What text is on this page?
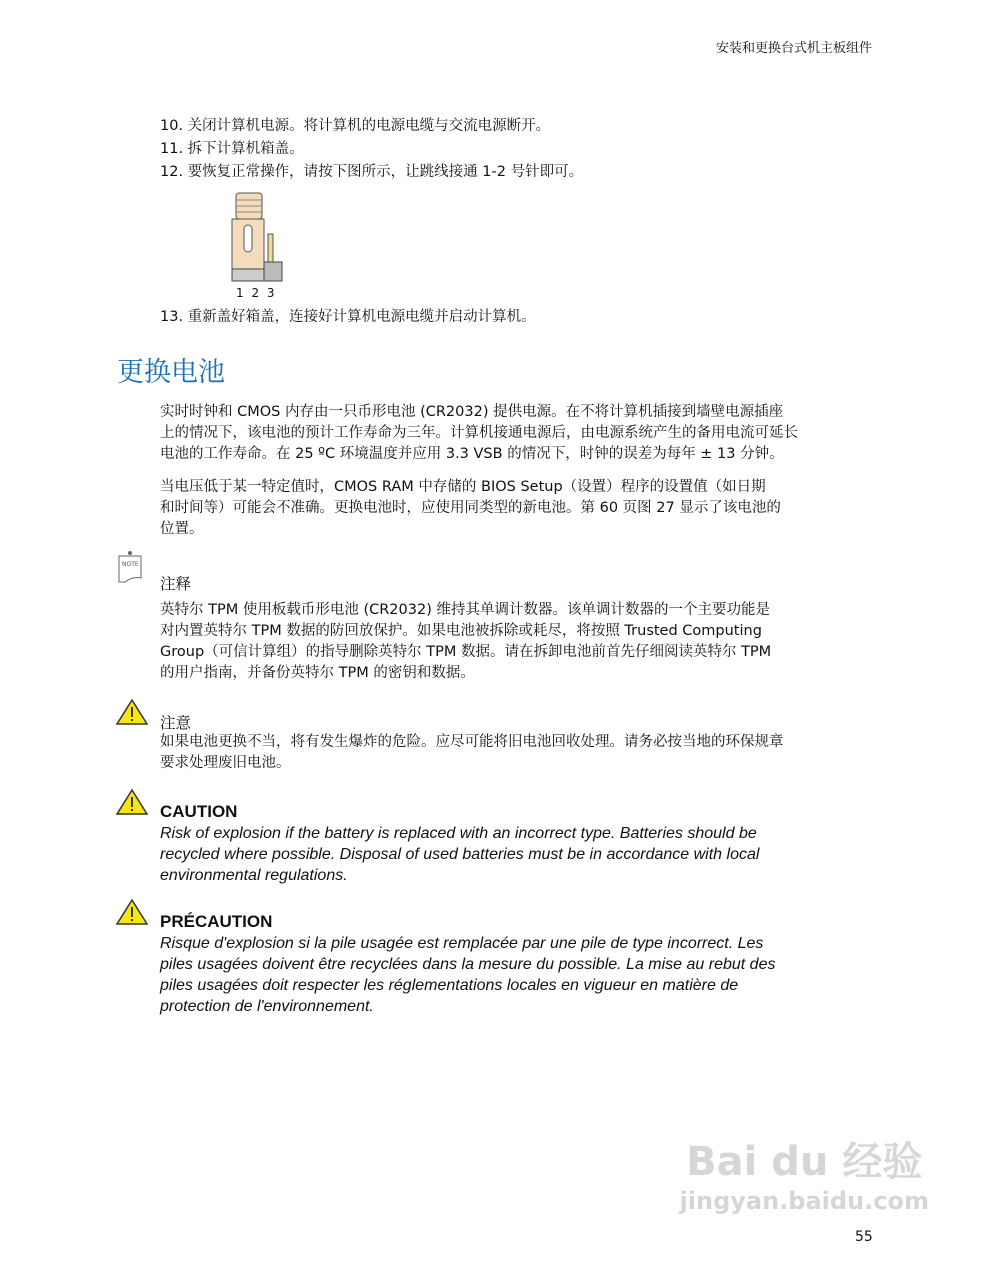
安装和更换台式机主板组件
10. 关闭计算机电源。将计算机的电源电缆与交流电源断开。
11. 拆下计算机箱盖。
12. 要恢复正常操作，请按下图所示，让跳线接通 1-2 号针即可。
1 2 3
13. 重新盖好箱盖，连接好计算机电源电缆并启动计算机。
更换电池
实时时钟和 CMOS 内存由一只币形电池 (CR2032) 提供电源。在不将计算机插接到墙壁电源插座
上的情况下，该电池的预计工作寿命为三年。计算机接通电源后，由电源系统产生的备用电流可延长
电池的工作寿命。在 25 ºC 环境温度并应用 3.3 VSB 的情况下，时钟的误差为每年 ± 13 分钟。
当电压低于某一特定值时，CMOS RAM 中存储的 BIOS Setup（设置）程序的设置值（如日期
和时间等）可能会不准确。更换电池时，应使用同类型的新电池。第 60 页图 27 显示了该电池的
位置。
NOTE
注释
英特尔 TPM 使用板载币形电池 (CR2032) 维持其单调计数器。该单调计数器的一个主要功能是
对内置英特尔 TPM 数据的防回放保护。如果电池被拆除或耗尽，将按照 Trusted Computing
Group（可信计算组）的指导删除英特尔 TPM 数据。请在拆卸电池前首先仔细阅读英特尔 TPM
的用户指南，并备份英特尔 TPM 的密钥和数据。
注意
如果电池更换不当，将有发生爆炸的危险。应尽可能将旧电池回收处理。请务必按当地的环保规章
要求处理废旧电池。
CAUTION
Risk of explosion if the battery is replaced with an incorrect type. Batteries should be
recycled where possible. Disposal of used batteries must be in accordance with local
environmental regulations.
PRÉCAUTION
Risque d'explosion si la pile usagée est remplacée par une pile de type incorrect. Les
piles usagées doivent être recyclées dans la mesure du possible. La mise au rebut des
piles usagées doit respecter les réglementations locales en vigueur en matière de
protection de l'environnement.
Bai du 经验
jingyan.baidu.com
55
